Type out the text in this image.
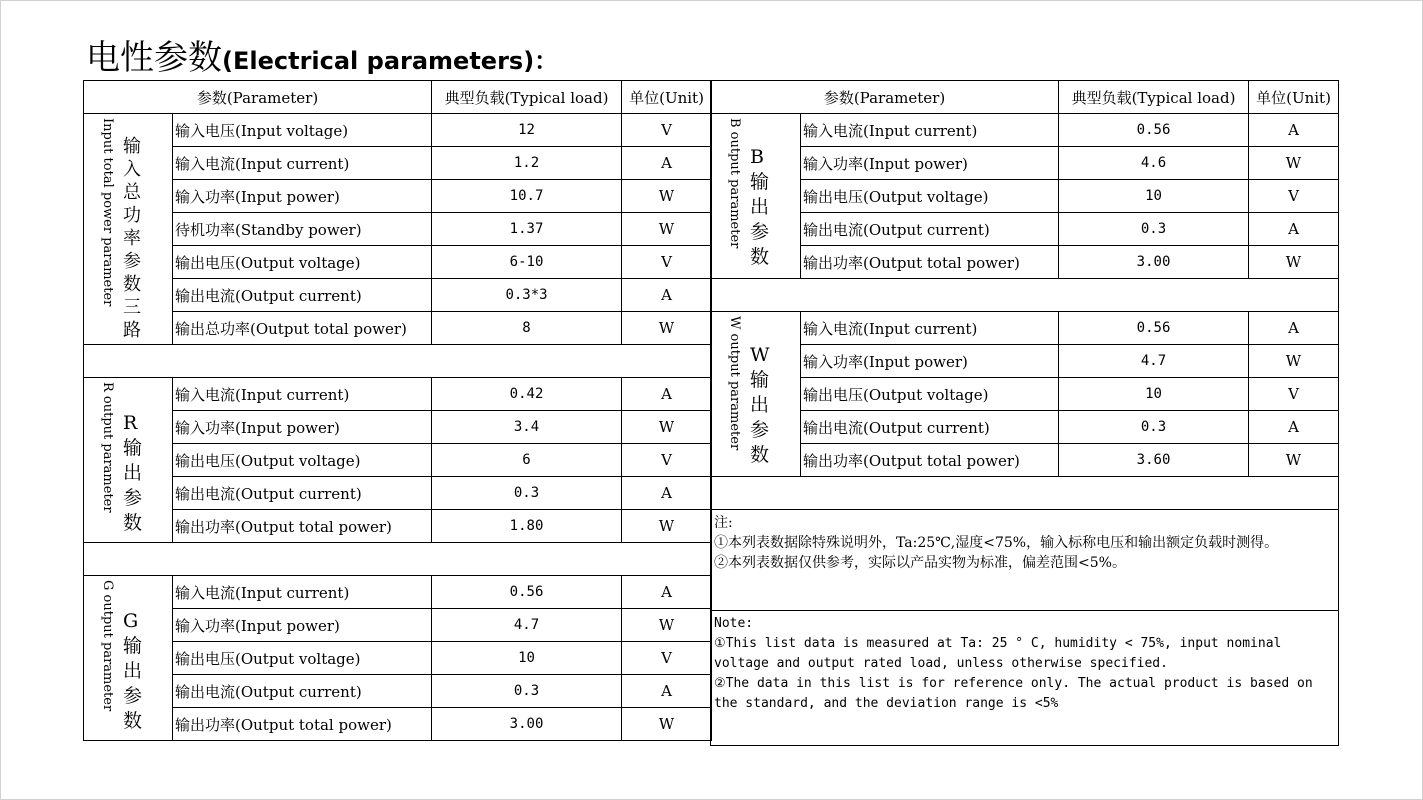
电性参数(Electrical parameters)：
参数(Parameter)		典型负载(Typical load)	单位(Unit)

Input total power parameter 输入总功率参数三路	输入电压(Input voltage)	12	V
	输入电流(Input current)	1.2	A
	输入功率(Input power)	10.7	W
	待机功率(Standby power)	1.37	W
	输出电压(Output voltage)	6-10	V
	输出电流(Output current)	0.3*3	A
	输出总功率(Output total power)	8	W

R output parameter R输出参数	输入电流(Input current)	0.42	A
	输入功率(Input power)	3.4	W
	输出电压(Output voltage)	6	V
	输出电流(Output current)	0.3	A
	输出功率(Output total power)	1.80	W

G output parameter G输出参数	输入电流(Input current)	0.56	A
	输入功率(Input power)	4.7	W
	输出电压(Output voltage)	10	V
	输出电流(Output current)	0.3	A
	输出功率(Output total power)	3.00	W
参数(Parameter)		典型负载(Typical load)	单位(Unit)

B output parameter B输出参数	输入电流(Input current)	0.56	A
	输入功率(Input power)	4.6	W
	输出电压(Output voltage)	10	V
	输出电流(Output current)	0.3	A
	输出功率(Output total power)	3.00	W

W output parameter W输出参数	输入电流(Input current)	0.56	A
	输入功率(Input power)	4.7	W
	输出电压(Output voltage)	10	V
	输出电流(Output current)	0.3	A
	输出功率(Output total power)	3.60	W

注:
①本列表数据除特殊说明外，Ta:25℃,湿度<75%，输入标称电压和输出额定负载时测得。
②本列表数据仅供参考，实际以产品实物为标准，偏差范围<5%。			

Note:
①This list data is measured at Ta: 25 ° C, humidity < 75%, input nominal voltage and output rated load, unless otherwise specified.
②The data in this list is for reference only. The actual product is based on the standard, and the deviation range is <5%			
